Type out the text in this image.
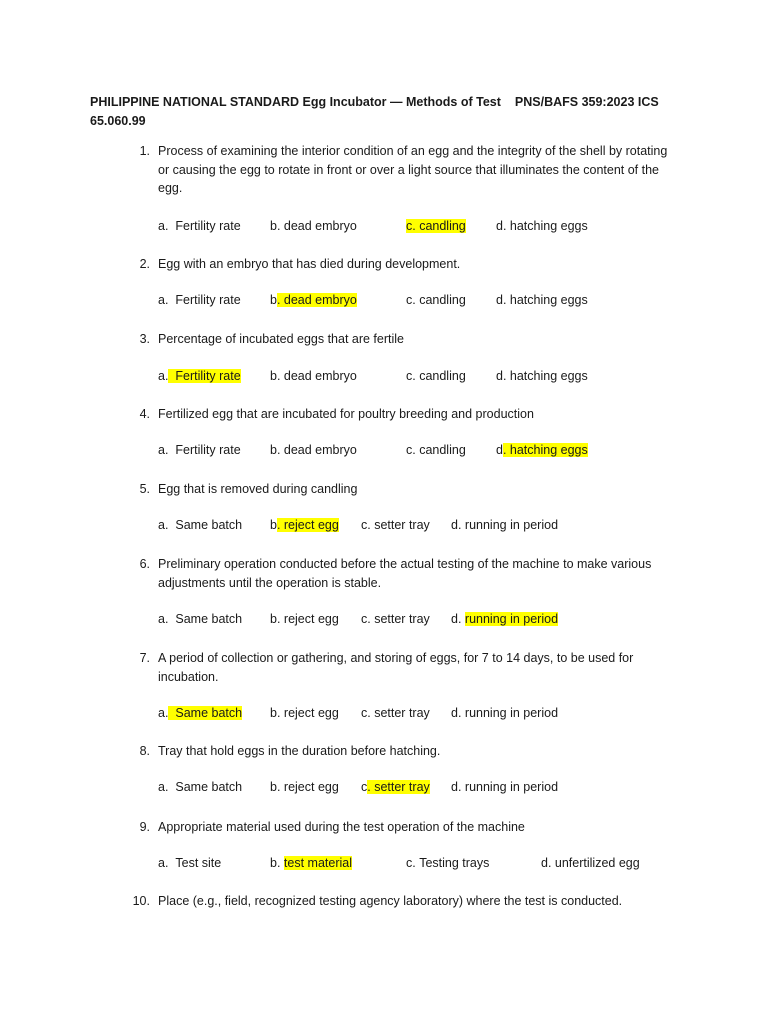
PHILIPPINE NATIONAL STANDARD Egg Incubator — Methods of Test PNS/BAFS 359:2023 ICS
65.060.99
1. Process of examining the interior condition of an egg and the integrity of the shell by rotating or causing the egg to rotate in front or over a light source that illuminates the content of the egg.
a.  Fertility rate b. dead embryo	c. candling d. hatching eggs
2. Egg with an embryo that has died during development.
a.  Fertility rate b. dead embryo	c. candling d. hatching eggs
3. Percentage of incubated eggs that are fertile
a.  Fertility rate b. dead embryo	c. candling d. hatching eggs
4. Fertilized egg that are incubated for poultry breeding and production
a.  Fertility rate b. dead embryo	c. candling d. hatching eggs
5. Egg that is removed during candling
a.  Same batch b. reject egg c. setter tray d. running in period
6. Preliminary operation conducted before the actual testing of the machine to make various adjustments until the operation is stable.
a.  Same batch b. reject egg c. setter tray d. running in period
7. A period of collection or gathering, and storing of eggs, for 7 to 14 days, to be used for incubation.
a.  Same batch b. reject egg c. setter tray d. running in period
8. Tray that hold eggs in the duration before hatching.
a.  Same batch b. reject egg c. setter tray d. running in period
9. Appropriate material used during the test operation of the machine
a.  Test site	b. test material	c. Testing trays	d. unfertilized egg
10. Place (e.g., field, recognized testing agency laboratory) where the test is conducted.
